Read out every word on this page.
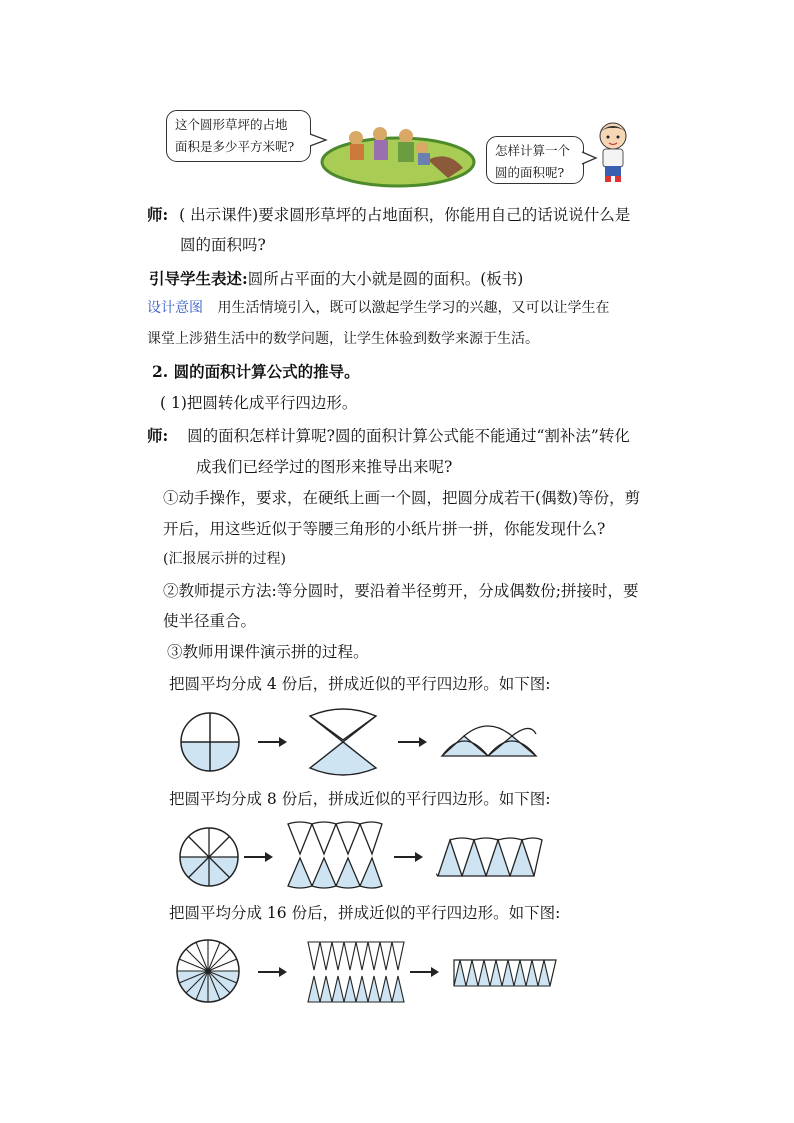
这个圆形草坪的占地
面积是多少平方米呢?	怎样计算一个
圆的面积呢?
师: ( 出示课件)要求圆形草坪的占地面积，你能用自己的话说说什么是
圆的面积吗?
引导学生表述:圆所占平面的大小就是圆的面积。(板书)
设计意图 用生活情境引入，既可以激起学生学习的兴趣，又可以让学生在
课堂上涉猎生活中的数学问题，让学生体验到数学来源于生活。
2. 圆的面积计算公式的推导。
( 1)把圆转化成平行四边形。
师: 圆的面积怎样计算呢?圆的面积计算公式能不能通过“割补法”转化
成我们已经学过的图形来推导出来呢?
①动手操作，要求，在硬纸上画一个圆，把圆分成若干(偶数)等份，剪
开后，用这些近似于等腰三角形的小纸片拼一拼，你能发现什么?
(汇报展示拼的过程)
②教师提示方法:等分圆时，要沿着半径剪开，分成偶数份;拼接时，要
使半径重合。
③教师用课件演示拼的过程。
把圆平均分成 4 份后，拼成近似的平行四边形。如下图:
把圆平均分成 8 份后，拼成近似的平行四边形。如下图:
把圆平均分成 16 份后，拼成近似的平行四边形。如下图:
